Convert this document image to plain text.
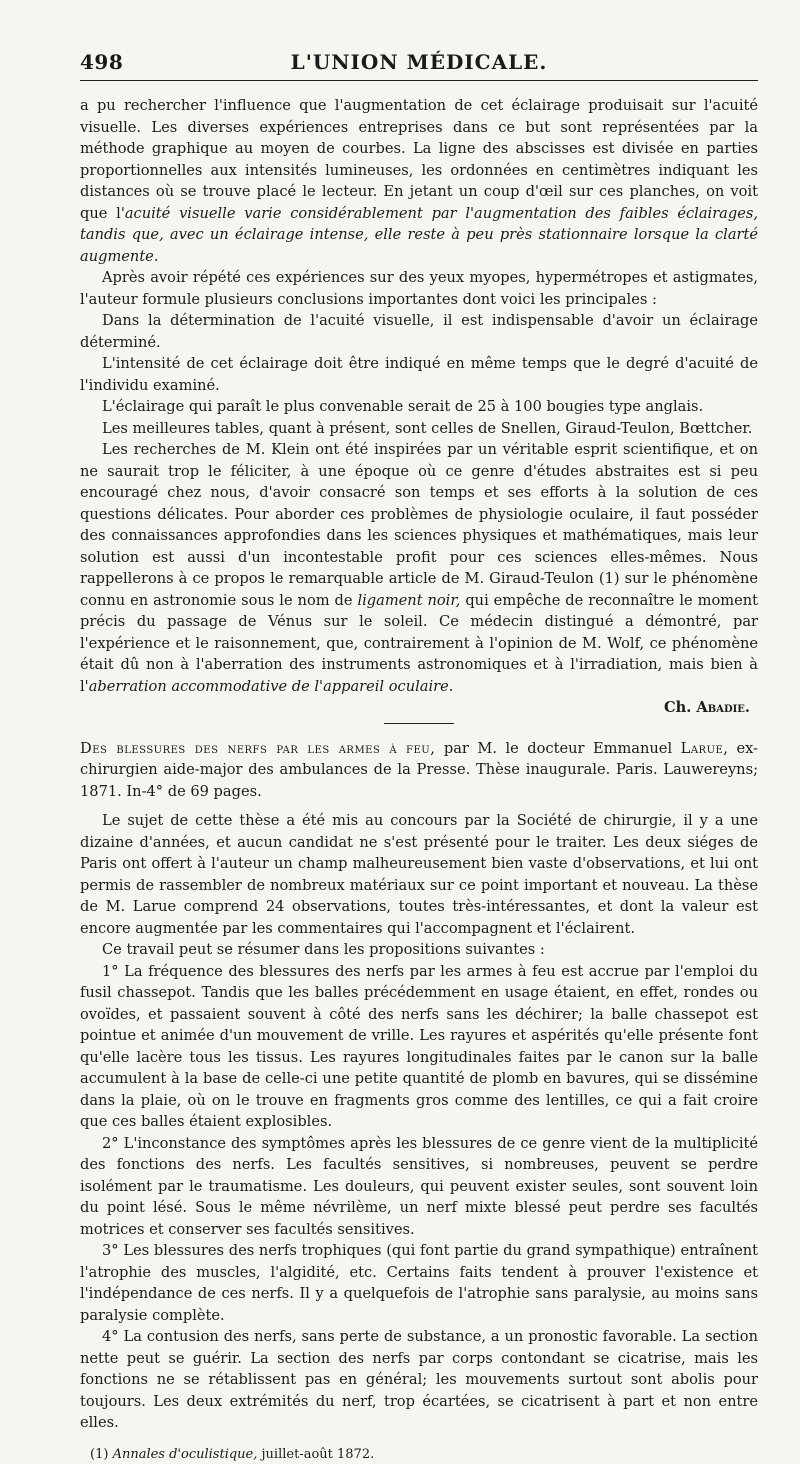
498	L'UNION MÉDICALE.

a pu rechercher l'influence que l'augmentation de cet éclairage produisait sur l'acuité visuelle. Les diverses expériences entreprises dans ce but sont représentées par la méthode graphique au moyen de courbes. La ligne des abscisses est divisée en parties proportionnelles aux intensités lumineuses, les ordonnées en centimètres indiquant les distances où se trouve placé le lecteur. En jetant un coup d'œil sur ces planches, on voit que l'acuité visuelle varie considérablement par l'augmentation des faibles éclairages, tandis que, avec un éclairage intense, elle reste à peu près stationnaire lorsque la clarté augmente.

Après avoir répété ces expériences sur des yeux myopes, hypermétropes et astigmates, l'auteur formule plusieurs conclusions importantes dont voici les principales :

Dans la détermination de l'acuité visuelle, il est indispensable d'avoir un éclairage déterminé.

L'intensité de cet éclairage doit être indiqué en même temps que le degré d'acuité de l'individu examiné.

L'éclairage qui paraît le plus convenable serait de 25 à 100 bougies type anglais.

Les meilleures tables, quant à présent, sont celles de Snellen, Giraud-Teulon, Bœttcher.

Les recherches de M. Klein ont été inspirées par un véritable esprit scientifique, et on ne saurait trop le féliciter, à une époque où ce genre d'études abstraites est si peu encouragé chez nous, d'avoir consacré son temps et ses efforts à la solution de ces questions délicates. Pour aborder ces problèmes de physiologie oculaire, il faut posséder des connaissances approfondies dans les sciences physiques et mathématiques, mais leur solution est aussi d'un incontestable profit pour ces sciences elles-mêmes. Nous rappellerons à ce propos le remarquable article de M. Giraud-Teulon (1) sur le phénomène connu en astronomie sous le nom de ligament noir, qui empêche de reconnaître le moment précis du passage de Vénus sur le soleil. Ce médecin distingué a démontré, par l'expérience et le raisonnement, que, contrairement à l'opinion de M. Wolf, ce phénomène était dû non à l'aberration des instruments astronomiques et à l'irradiation, mais bien à l'aberration accommodative de l'appareil oculaire.

Ch. Abadie.
Des blessures des nerfs par les armes à feu, par M. le docteur Emmanuel Larue, ex-chirurgien aide-major des ambulances de la Presse. Thèse inaugurale. Paris. Lauwereyns; 1871. In-4° de 69 pages.

Le sujet de cette thèse a été mis au concours par la Société de chirurgie, il y a une dizaine d'années, et aucun candidat ne s'est présenté pour le traiter. Les deux siéges de Paris ont offert à l'auteur un champ malheureusement bien vaste d'observations, et lui ont permis de rassembler de nombreux matériaux sur ce point important et nouveau. La thèse de M. Larue comprend 24 observations, toutes très-intéressantes, et dont la valeur est encore augmentée par les commentaires qui l'accompagnent et l'éclairent.

Ce travail peut se résumer dans les propositions suivantes :

1° La fréquence des blessures des nerfs par les armes à feu est accrue par l'emploi du fusil chassepot. Tandis que les balles précédemment en usage étaient, en effet, rondes ou ovoïdes, et passaient souvent à côté des nerfs sans les déchirer; la balle chassepot est pointue et animée d'un mouvement de vrille. Les rayures et aspérités qu'elle présente font qu'elle lacère tous les tissus. Les rayures longitudinales faites par le canon sur la balle accumulent à la base de celle-ci une petite quantité de plomb en bavures, qui se dissémine dans la plaie, où on le trouve en fragments gros comme des lentilles, ce qui a fait croire que ces balles étaient explosibles.

2° L'inconstance des symptômes après les blessures de ce genre vient de la multiplicité des fonctions des nerfs. Les facultés sensitives, si nombreuses, peuvent se perdre isolément par le traumatisme. Les douleurs, qui peuvent exister seules, sont souvent loin du point lésé. Sous le même névrilème, un nerf mixte blessé peut perdre ses facultés motrices et conserver ses facultés sensitives.

3° Les blessures des nerfs trophiques (qui font partie du grand sympathique) entraînent l'atrophie des muscles, l'algidité, etc. Certains faits tendent à prouver l'existence et l'indépendance de ces nerfs. Il y a quelquefois de l'atrophie sans paralysie, au moins sans paralysie complète.

4° La contusion des nerfs, sans perte de substance, a un pronostic favorable. La section nette peut se guérir. La section des nerfs par corps contondant se cicatrise, mais les fonctions ne se rétablissent pas en général; les mouvements surtout sont abolis pour toujours. Les deux extrémités du nerf, trop écartées, se cicatrisent à part et non entre elles.

(1) Annales d'oculistique, juillet-août 1872.
